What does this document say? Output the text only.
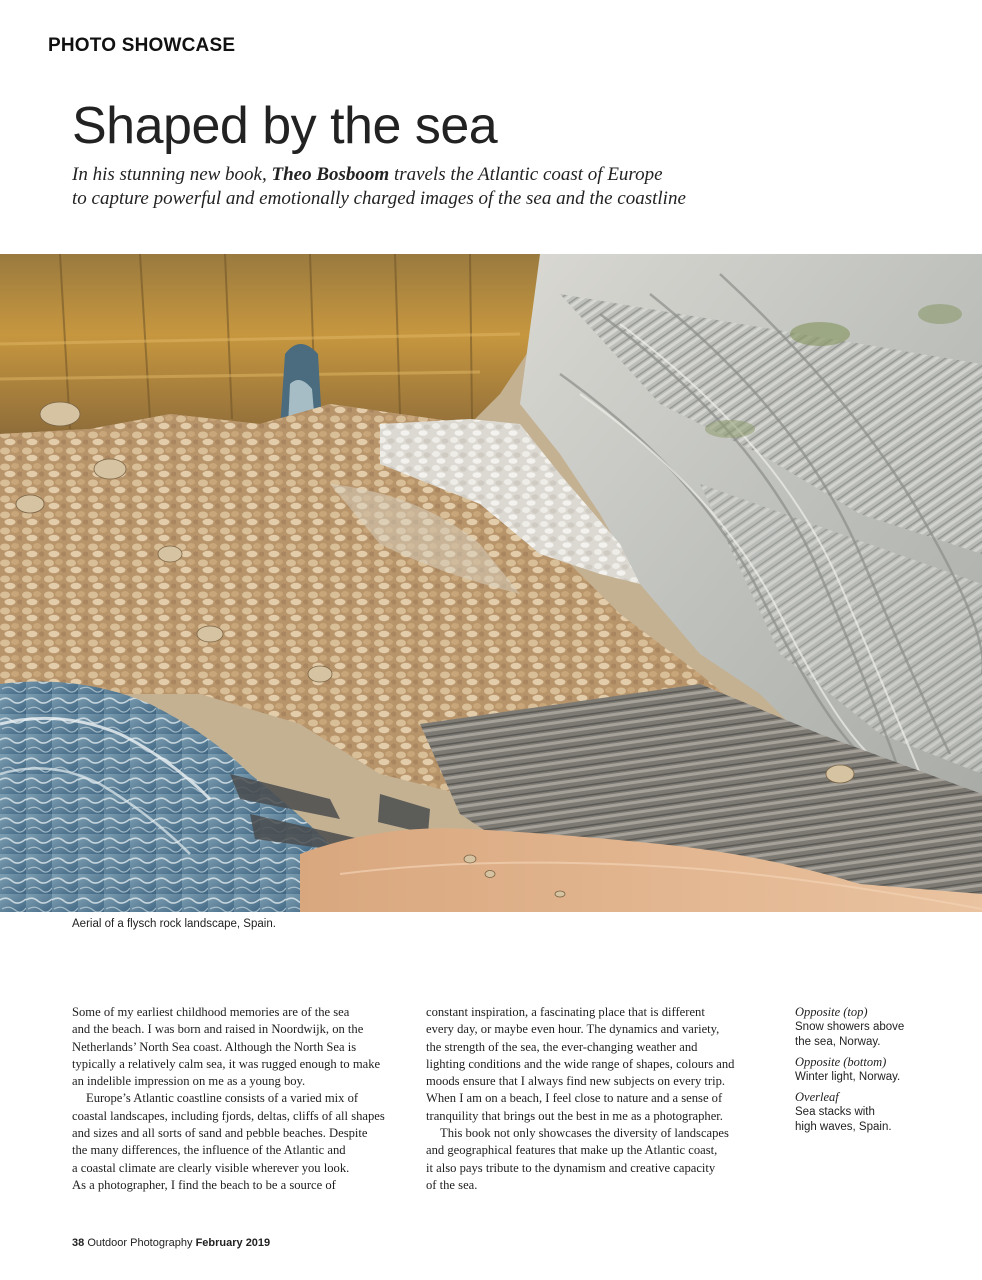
PHOTO SHOWCASE
Shaped by the sea
In his stunning new book, Theo Bosboom travels the Atlantic coast of Europe
to capture powerful and emotionally charged images of the sea and the coastline
Aerial of a flysch rock landscape, Spain.
Some of my earliest childhood memories are of the sea
and the beach. I was born and raised in Noordwijk, on the
Netherlands’ North Sea coast. Although the North Sea is
typically a relatively calm sea, it was rugged enough to make
an indelible impression on me as a young boy.
Europe’s Atlantic coastline consists of a varied mix of
coastal landscapes, including fjords, deltas, cliffs of all shapes
and sizes and all sorts of sand and pebble beaches. Despite
the many differences, the influence of the Atlantic and
a coastal climate are clearly visible wherever you look.
As a photographer, I find the beach to be a source of
constant inspiration, a fascinating place that is different
every day, or maybe even hour. The dynamics and variety,
the strength of the sea, the ever-changing weather and
lighting conditions and the wide range of shapes, colours and
moods ensure that I always find new subjects on every trip.
When I am on a beach, I feel close to nature and a sense of
tranquility that brings out the best in me as a photographer.
This book not only showcases the diversity of landscapes
and geographical features that make up the Atlantic coast,
it also pays tribute to the dynamism and creative capacity
of the sea.
Opposite (top)
Snow showers above
the sea, Norway.
Opposite (bottom)
Winter light, Norway.
Overleaf
Sea stacks with
high waves, Spain.
38 Outdoor Photography February 2019
